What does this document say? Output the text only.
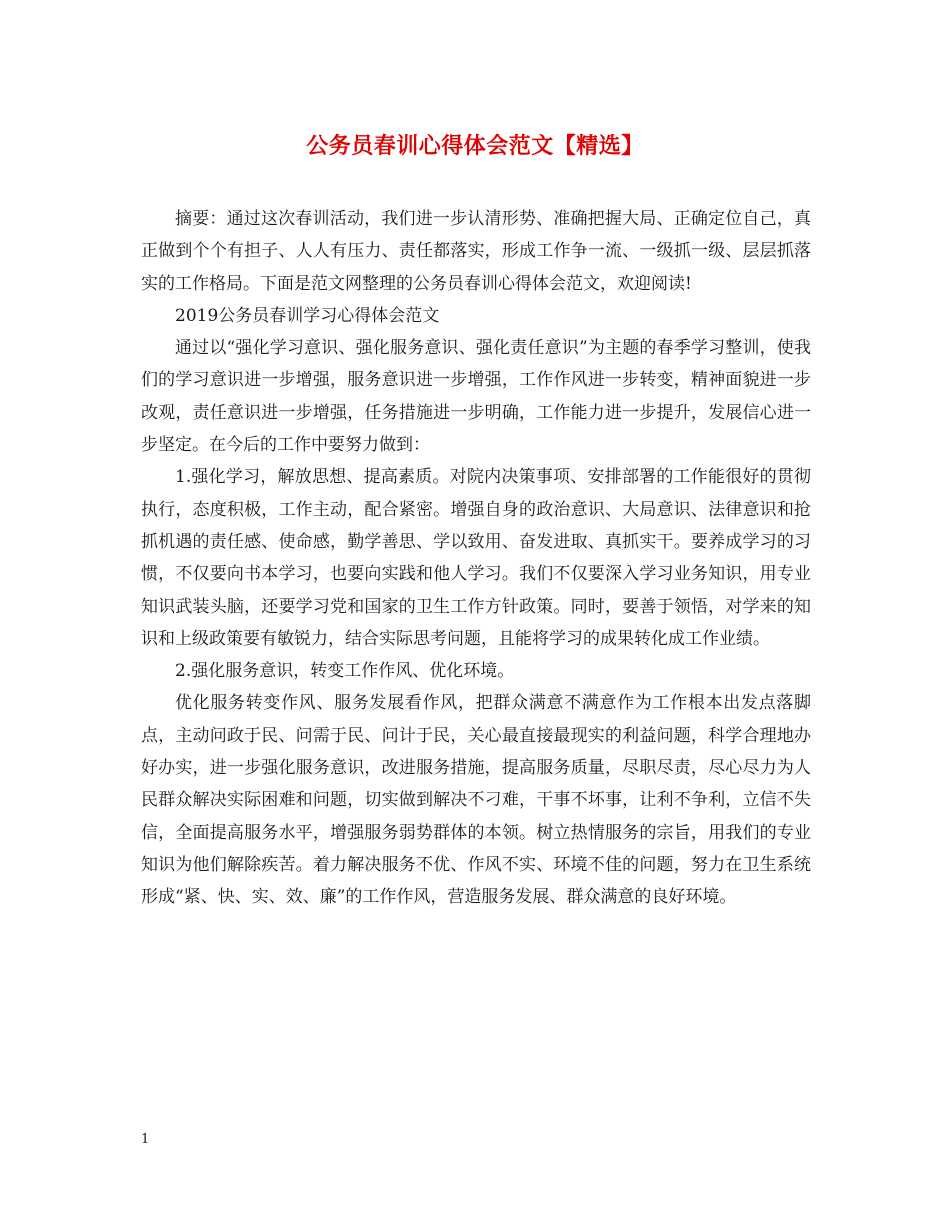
公务员春训心得体会范文【精选】

摘要：通过这次春训活动，我们进一步认清形势、准确把握大局、正确定位自己，真正做到个个有担子、人人有压力、责任都落实，形成工作争一流、一级抓一级、层层抓落实的工作格局。下面是范文网整理的公务员春训心得体会范文，欢迎阅读!

2019公务员春训学习心得体会范文

通过以“强化学习意识、强化服务意识、强化责任意识”为主题的春季学习整训，使我们的学习意识进一步增强，服务意识进一步增强，工作作风进一步转变，精神面貌进一步改观，责任意识进一步增强，任务措施进一步明确，工作能力进一步提升，发展信心进一步坚定。在今后的工作中要努力做到：

1.强化学习，解放思想、提高素质。对院内决策事项、安排部署的工作能很好的贯彻执行，态度积极，工作主动，配合紧密。增强自身的政治意识、大局意识、法律意识和抢抓机遇的责任感、使命感，勤学善思、学以致用、奋发进取、真抓实干。要养成学习的习惯，不仅要向书本学习，也要向实践和他人学习。我们不仅要深入学习业务知识，用专业知识武装头脑，还要学习党和国家的卫生工作方针政策。同时，要善于领悟，对学来的知识和上级政策要有敏锐力，结合实际思考问题，且能将学习的成果转化成工作业绩。

2.强化服务意识，转变工作作风、优化环境。

优化服务转变作风、服务发展看作风，把群众满意不满意作为工作根本出发点落脚点，主动问政于民、问需于民、问计于民，关心最直接最现实的利益问题，科学合理地办好办实，进一步强化服务意识，改进服务措施，提高服务质量，尽职尽责，尽心尽力为人民群众解决实际困难和问题，切实做到解决不刁难，干事不坏事，让利不争利，立信不失信，全面提高服务水平，增强服务弱势群体的本领。树立热情服务的宗旨，用我们的专业知识为他们解除疾苦。着力解决服务不优、作风不实、环境不佳的问题，努力在卫生系统形成“紧、快、实、效、廉”的工作作风，营造服务发展、群众满意的良好环境。

1
